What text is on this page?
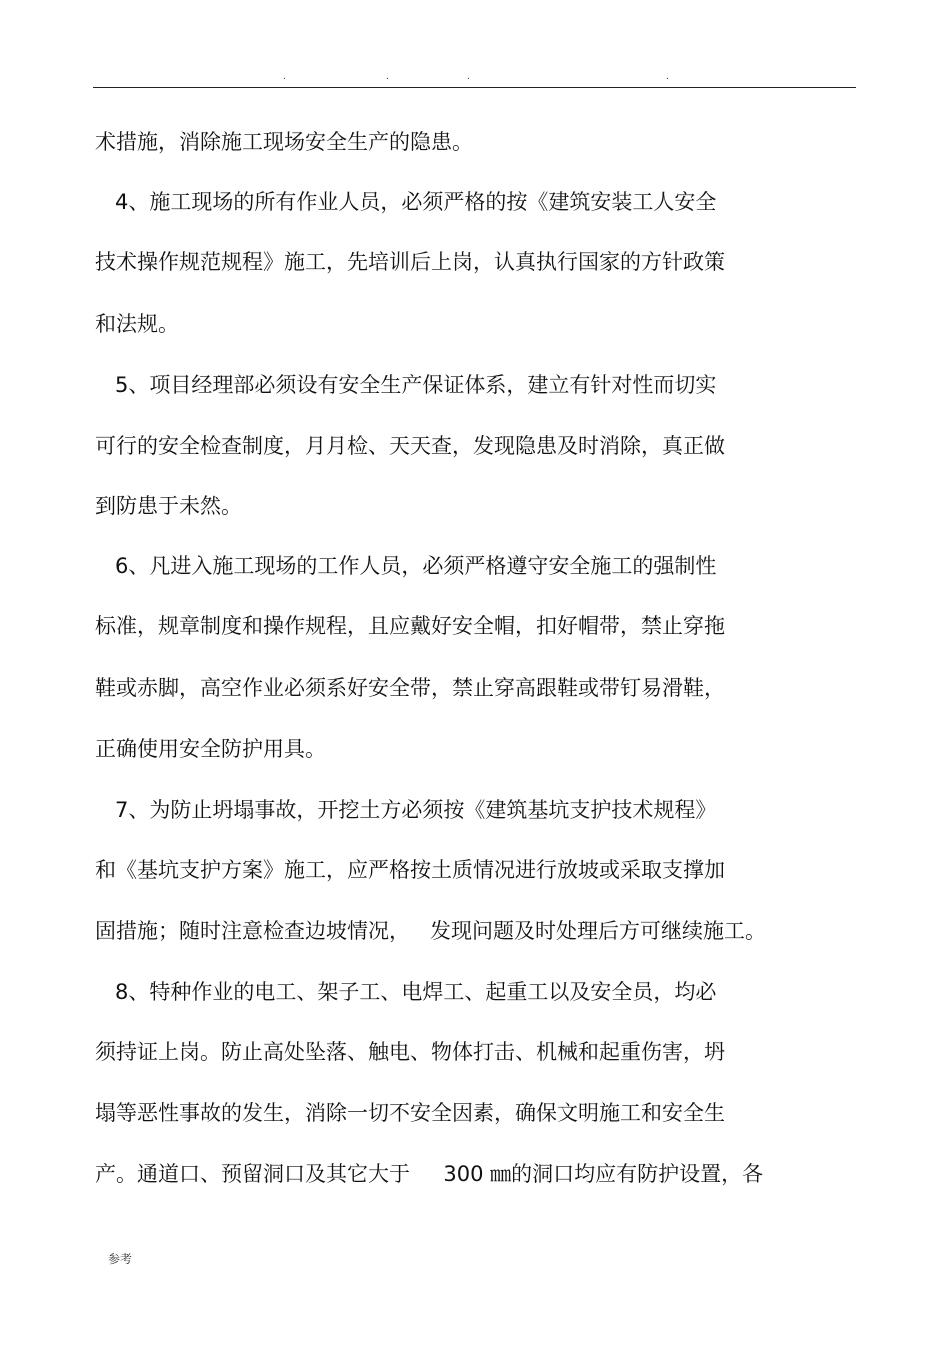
.	.	.	.

术措施，消除施工现场安全生产的隐患。

4、施工现场的所有作业人员，必须严格的按《建筑安装工人安全

技术操作规范规程》施工，先培训后上岗，认真执行国家的方针政策

和法规。

5、项目经理部必须设有安全生产保证体系，建立有针对性而切实

可行的安全检查制度，月月检、天天查，发现隐患及时消除，真正做

到防患于未然。

6、凡进入施工现场的工作人员，必须严格遵守安全施工的强制性

标准，规章制度和操作规程，且应戴好安全帽，扣好帽带，禁止穿拖

鞋或赤脚，高空作业必须系好安全带，禁止穿高跟鞋或带钉易滑鞋，

正确使用安全防护用具。

7、为防止坍塌事故，开挖土方必须按《建筑基坑支护技术规程》

和《基坑支护方案》施工，应严格按土质情况进行放坡或采取支撑加

固措施；随时注意检查边坡情况，   发现问题及时处理后方可继续施工。

8、特种作业的电工、架子工、电焊工、起重工以及安全员，均必

须持证上岗。防止高处坠落、触电、物体打击、机械和起重伤害，坍

塌等恶性事故的发生，消除一切不安全因素，确保文明施工和安全生

产。通道口、预留洞口及其它大于     300 ㎜的洞口均应有防护设置，各

参考
